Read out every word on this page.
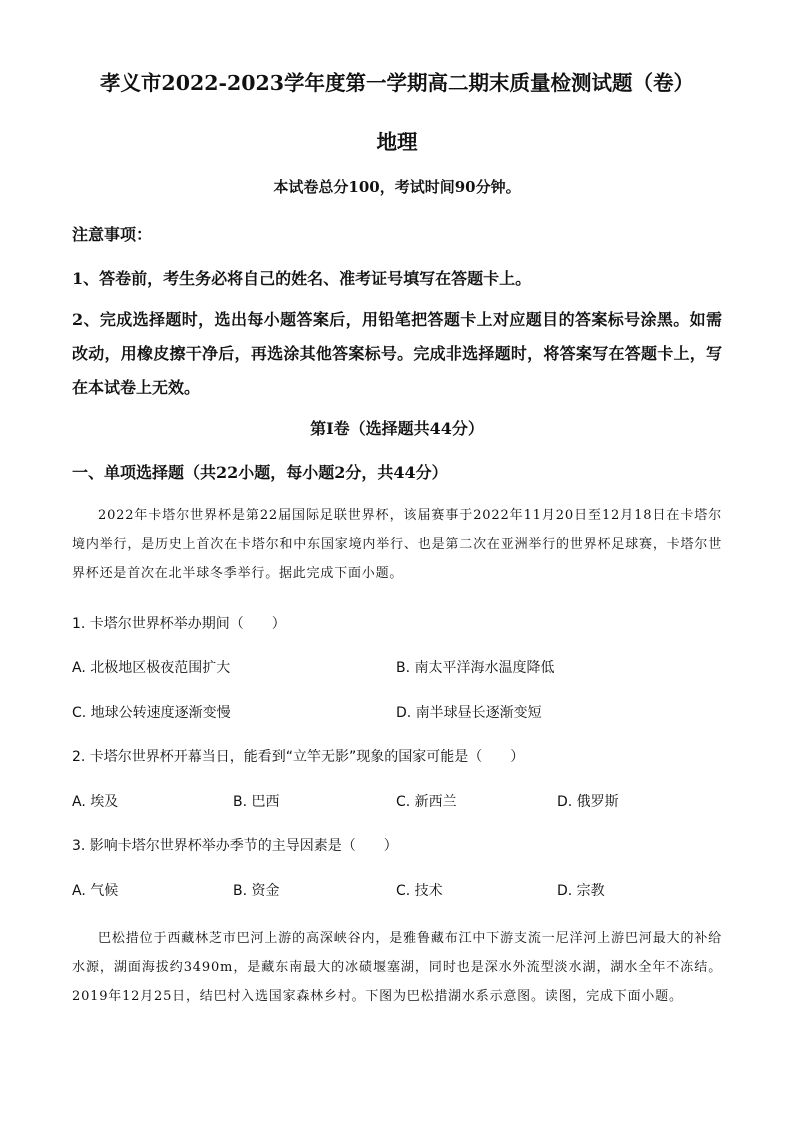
孝义市2022-2023学年度第一学期高二期末质量检测试题（卷）
地理
本试卷总分100，考试时间90分钟。
注意事项：
1、答卷前，考生务必将自己的姓名、准考证号填写在答题卡上。
2、完成选择题时，选出每小题答案后，用铅笔把答题卡上对应题目的答案标号涂黑。如需改动，用橡皮擦干净后，再选涂其他答案标号。完成非选择题时，将答案写在答题卡上，写在本试卷上无效。
第I卷（选择题共44分）
一、单项选择题（共22小题，每小题2分，共44分）
2022年卡塔尔世界杯是第22届国际足联世界杯，该届赛事于2022年11月20日至12月18日在卡塔尔境内举行，是历史上首次在卡塔尔和中东国家境内举行、也是第二次在亚洲举行的世界杯足球赛，卡塔尔世界杯还是首次在北半球冬季举行。据此完成下面小题。
1. 卡塔尔世界杯举办期间（　　）
A. 北极地区极夜范围扩大	B. 南太平洋海水温度降低
C. 地球公转速度逐渐变慢	D. 南半球昼长逐渐变短
2. 卡塔尔世界杯开幕当日，能看到“立竿无影”现象的国家可能是（　　）
A. 埃及	B. 巴西	C. 新西兰	D. 俄罗斯
3. 影响卡塔尔世界杯举办季节的主导因素是（　　）
A. 气候	B. 资金	C. 技术	D. 宗教
巴松措位于西藏林芝市巴河上游的高深峡谷内，是雅鲁藏布江中下游支流一尼洋河上游巴河最大的补给水源，湖面海拔约3490m，是藏东南最大的冰碛堰塞湖，同时也是深水外流型淡水湖，湖水全年不冻结。2019年12月25日，结巴村入选国家森林乡村。下图为巴松措湖水系示意图。读图，完成下面小题。
